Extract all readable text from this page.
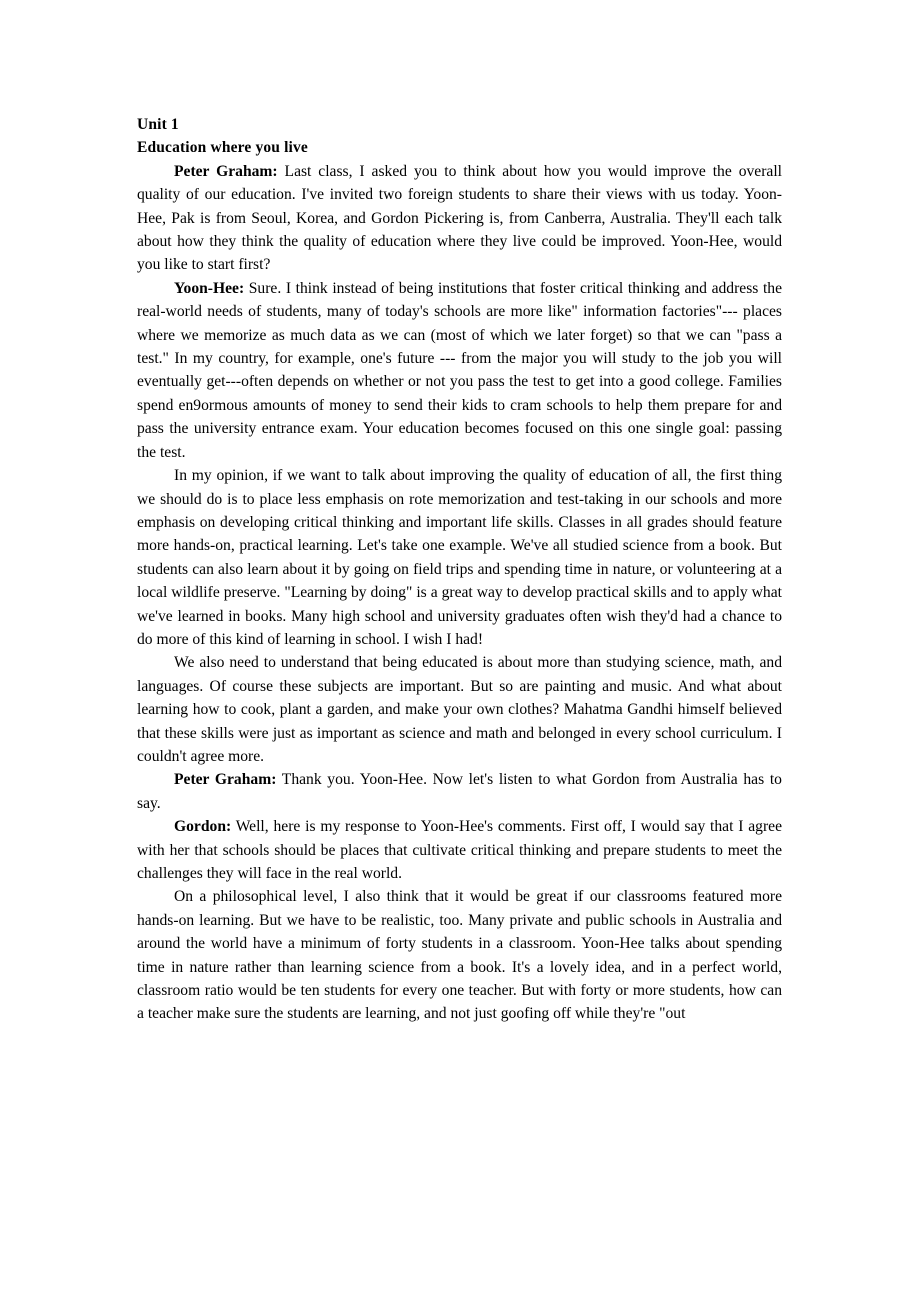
Unit 1
Education where you live

Peter Graham: Last class, I asked you to think about how you would improve the overall quality of our education. I've invited two foreign students to share their views with us today. Yoon-Hee, Pak is from Seoul, Korea, and Gordon Pickering is, from Canberra, Australia. They'll each talk about how they think the quality of education where they live could be improved. Yoon-Hee, would you like to start first?

Yoon-Hee: Sure. I think instead of being institutions that foster critical thinking and address the real-world needs of students, many of today's schools are more like" information factories"--- places where we memorize as much data as we can (most of which we later forget) so that we can "pass a test." In my country, for example, one's future --- from the major you will study to the job you will eventually get---often depends on whether or not you pass the test to get into a good college. Families spend en9ormous amounts of money to send their kids to cram schools to help them prepare for and pass the university entrance exam. Your education becomes focused on this one single goal: passing the test.

In my opinion, if we want to talk about improving the quality of education of all, the first thing we should do is to place less emphasis on rote memorization and test-taking in our schools and more emphasis on developing critical thinking and important life skills. Classes in all grades should feature more hands-on, practical learning. Let's take one example. We've all studied science from a book. But students can also learn about it by going on field trips and spending time in nature, or volunteering at a local wildlife preserve. "Learning by doing" is a great way to develop practical skills and to apply what we've learned in books. Many high school and university graduates often wish they'd had a chance to do more of this kind of learning in school. I wish I had!

We also need to understand that being educated is about more than studying science, math, and languages. Of course these subjects are important. But so are painting and music. And what about learning how to cook, plant a garden, and make your own clothes? Mahatma Gandhi himself believed that these skills were just as important as science and math and belonged in every school curriculum. I couldn't agree more.

Peter Graham: Thank you. Yoon-Hee. Now let's listen to what Gordon from Australia has to say.

Gordon: Well, here is my response to Yoon-Hee's comments. First off, I would say that I agree with her that schools should be places that cultivate critical thinking and prepare students to meet the challenges they will face in the real world.

On a philosophical level, I also think that it would be great if our classrooms featured more hands-on learning. But we have to be realistic, too. Many private and public schools in Australia and around the world have a minimum of forty students in a classroom. Yoon-Hee talks about spending time in nature rather than learning science from a book. It's a lovely idea, and in a perfect world, classroom ratio would be ten students for every one teacher. But with forty or more students, how can a teacher make sure the students are learning, and not just goofing off while they're "out
